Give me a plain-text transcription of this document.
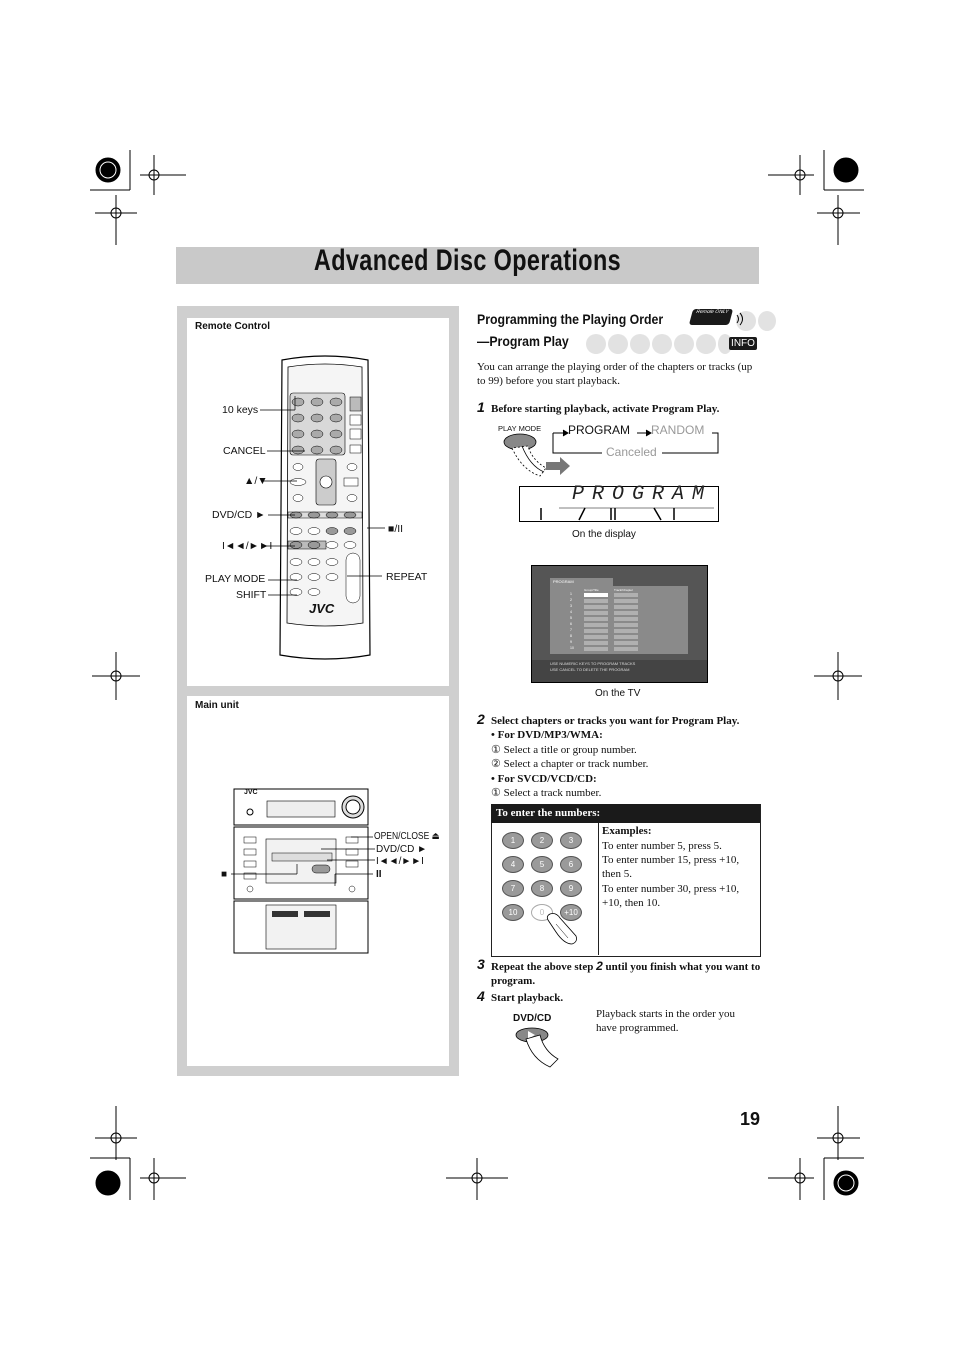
Advanced Disc Operations
Remote Control
JVC
10 keys
CANCEL
▲/▼
DVD/CD ►
■/II
I◄◄/►►I
PLAY MODE	REPEAT
SHIFT
Main unit
JVC
OPEN/CLOSE ⏏
DVD/CD ►
I◄◄/►►I
■	II
Programming the Playing Order
—Program Play
Remote ONLY
INFO
You can arrange the playing order of the chapters or tracks (up to 99) before you start playback.
1 Before starting playback, activate Program Play.
PLAY MODE PROGRAM RANDOM
Canceled
PROGRAM
On the display
PROGRAM
Group/Title	Track/Chapter
1
2
3
4
5
6
7
8
9
10
USE NUMERIC KEYS TO PROGRAM TRACKS
USE CANCEL TO DELETE THE PROGRAM
On the TV
2 Select chapters or tracks you want for Program Play.
• For DVD/MP3/WMA:
① Select a title or group number.
② Select a chapter or track number.
• For SVCD/VCD/CD:
① Select a track number.
To enter the numbers:
1	2	3
4	5	6
7	8	9
10	0	+10
Examples:
To enter number 5, press 5.
To enter number 15, press +10, then 5.
To enter number 30, press +10, +10, then 10.
3 Repeat the above step 2 until you finish what you want to program.
4 Start playback.
DVD/CD	Playback starts in the order you have programmed.
19
